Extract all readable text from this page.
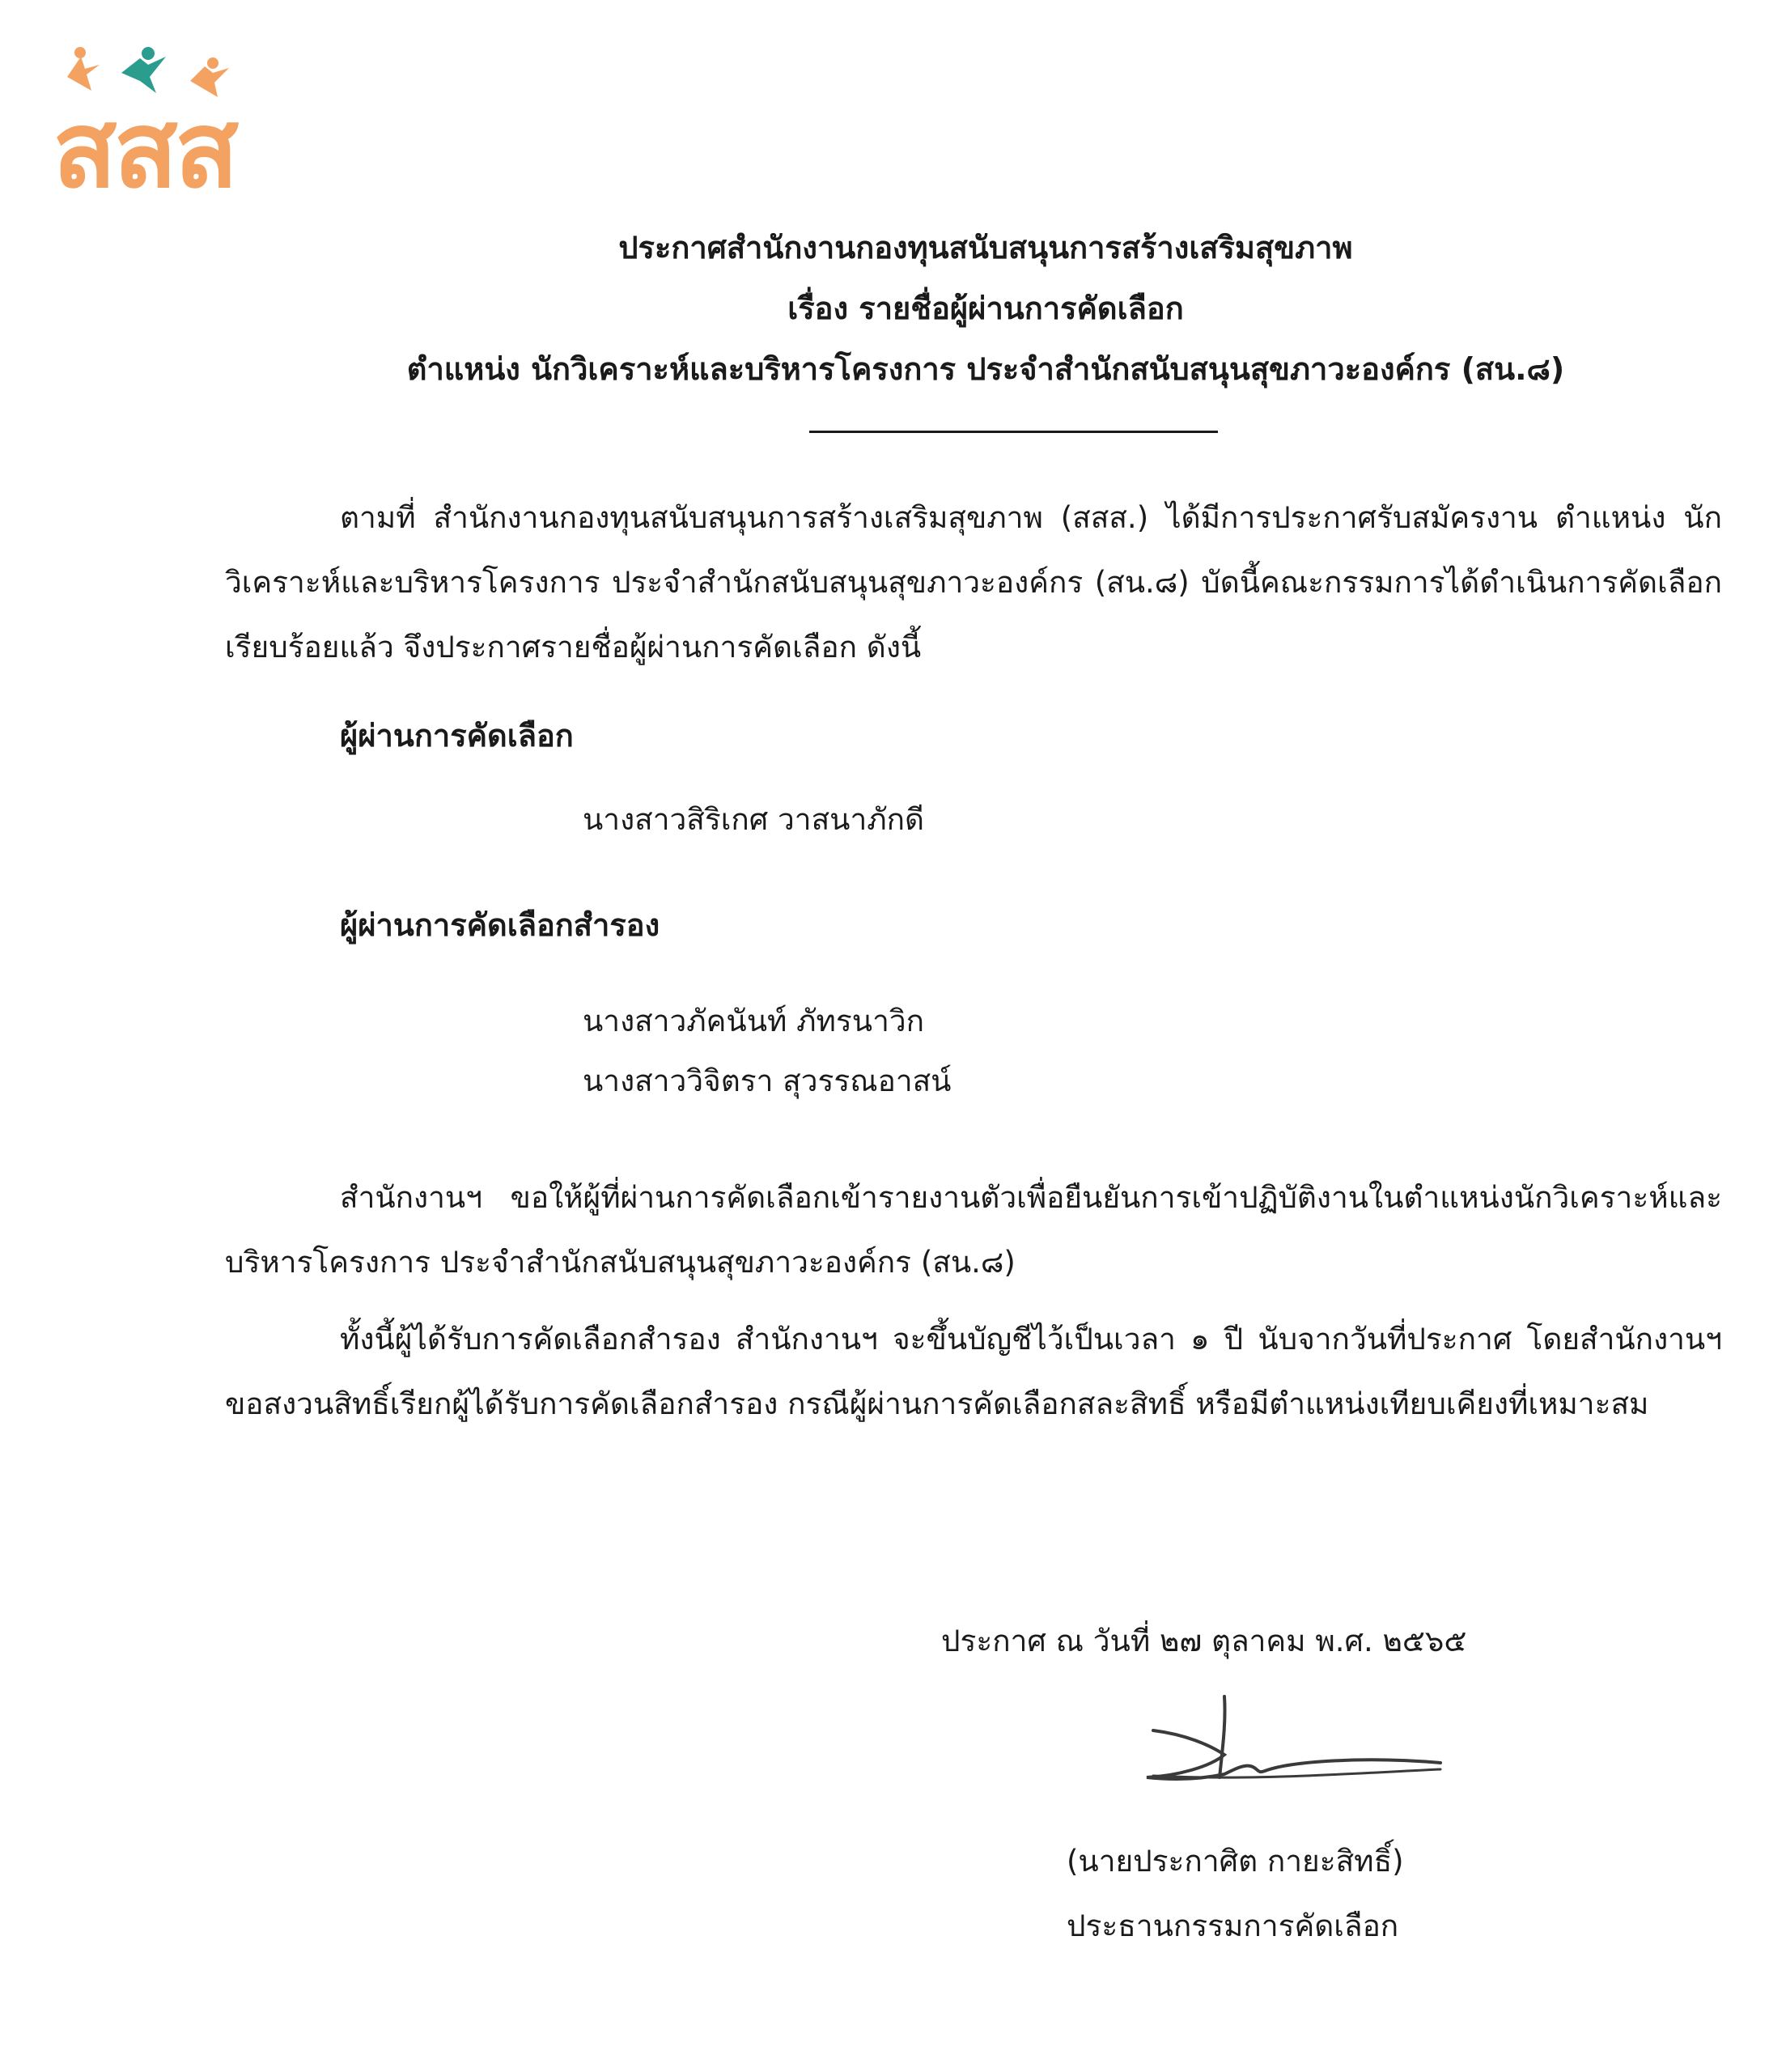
สสส
ประกาศสำนักงานกองทุนสนับสนุนการสร้างเสริมสุขภาพ
เรื่อง รายชื่อผู้ผ่านการคัดเลือก
ตำแหน่ง นักวิเคราะห์และบริหารโครงการ ประจำสำนักสนับสนุนสุขภาวะองค์กร (สน.๘)

ตามที่ สำนักงานกองทุนสนับสนุนการสร้างเสริมสุขภาพ (สสส.) ได้มีการประกาศรับสมัครงาน ตำแหน่ง นักวิเคราะห์และบริหารโครงการ ประจำสำนักสนับสนุนสุขภาวะองค์กร (สน.๘) บัดนี้คณะกรรมการได้ดำเนินการคัดเลือกเรียบร้อยแล้ว จึงประกาศรายชื่อผู้ผ่านการคัดเลือก ดังนี้

ผู้ผ่านการคัดเลือก
นางสาวสิริเกศ วาสนาภักดี
ผู้ผ่านการคัดเลือกสำรอง
นางสาวภัคนันท์ ภัทรนาวิก
นางสาววิจิตรา สุวรรณอาสน์

สำนักงานฯ ขอให้ผู้ที่ผ่านการคัดเลือกเข้ารายงานตัวเพื่อยืนยันการเข้าปฏิบัติงานในตำแหน่งนักวิเคราะห์และบริหารโครงการ ประจำสำนักสนับสนุนสุขภาวะองค์กร (สน.๘)

ทั้งนี้ผู้ได้รับการคัดเลือกสำรอง สำนักงานฯ จะขึ้นบัญชีไว้เป็นเวลา ๑ ปี นับจากวันที่ประกาศ โดยสำนักงานฯ ขอสงวนสิทธิ์เรียกผู้ได้รับการคัดเลือกสำรอง กรณีผู้ผ่านการคัดเลือกสละสิทธิ์ หรือมีตำแหน่งเทียบเคียงที่เหมาะสม

ประกาศ ณ วันที่ ๒๗ ตุลาคม พ.ศ. ๒๕๖๕
(นายประกาศิต กายะสิทธิ์)
ประธานกรรมการคัดเลือก
